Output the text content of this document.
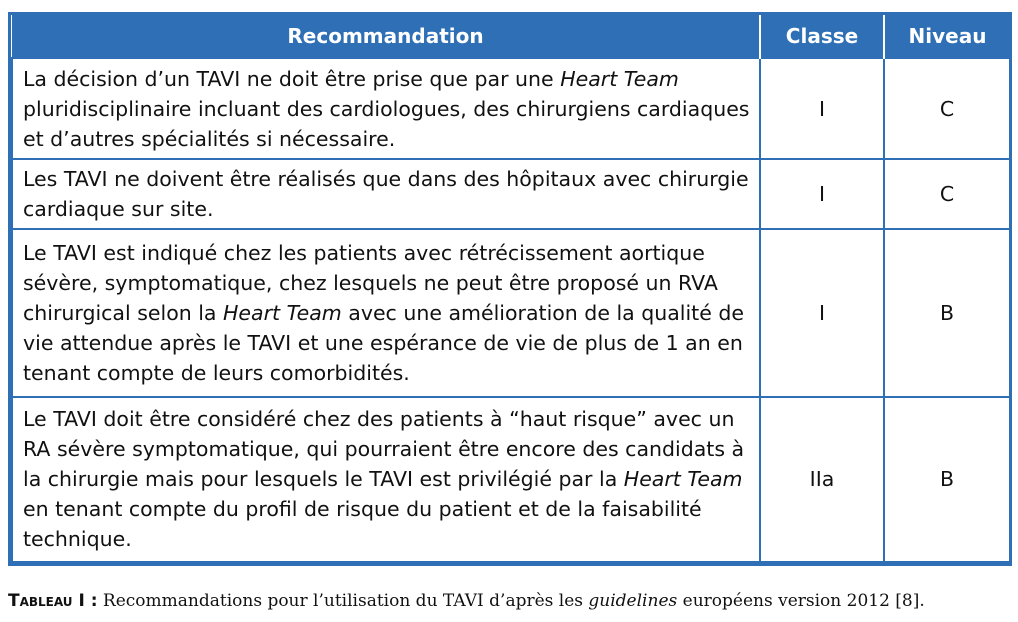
Recommandation	Classe	Niveau
La décision d’un TAVI ne doit être prise que par une Heart Team pluridisciplinaire incluant des cardiologues, des chirurgiens cardiaques et d’autres spécialités si nécessaire.	I	C
Les TAVI ne doivent être réalisés que dans des hôpitaux avec chirurgie cardiaque sur site.	I	C
Le TAVI est indiqué chez les patients avec rétrécissement aortique sévère, symptomatique, chez lesquels ne peut être proposé un RVA chirurgical selon la Heart Team avec une amélioration de la qualité de vie attendue après le TAVI et une espérance de vie de plus de 1 an en tenant compte de leurs comorbidités.	I	B
Le TAVI doit être considéré chez des patients à “haut risque” avec un RA sévère symptomatique, qui pourraient être encore des candidats à la chirurgie mais pour lesquels le TAVI est privilégié par la Heart Team en tenant compte du profil de risque du patient et de la faisabilité technique.	IIa	B
Tableau I : Recommandations pour l’utilisation du TAVI d’après les guidelines européens version 2012 [8].
